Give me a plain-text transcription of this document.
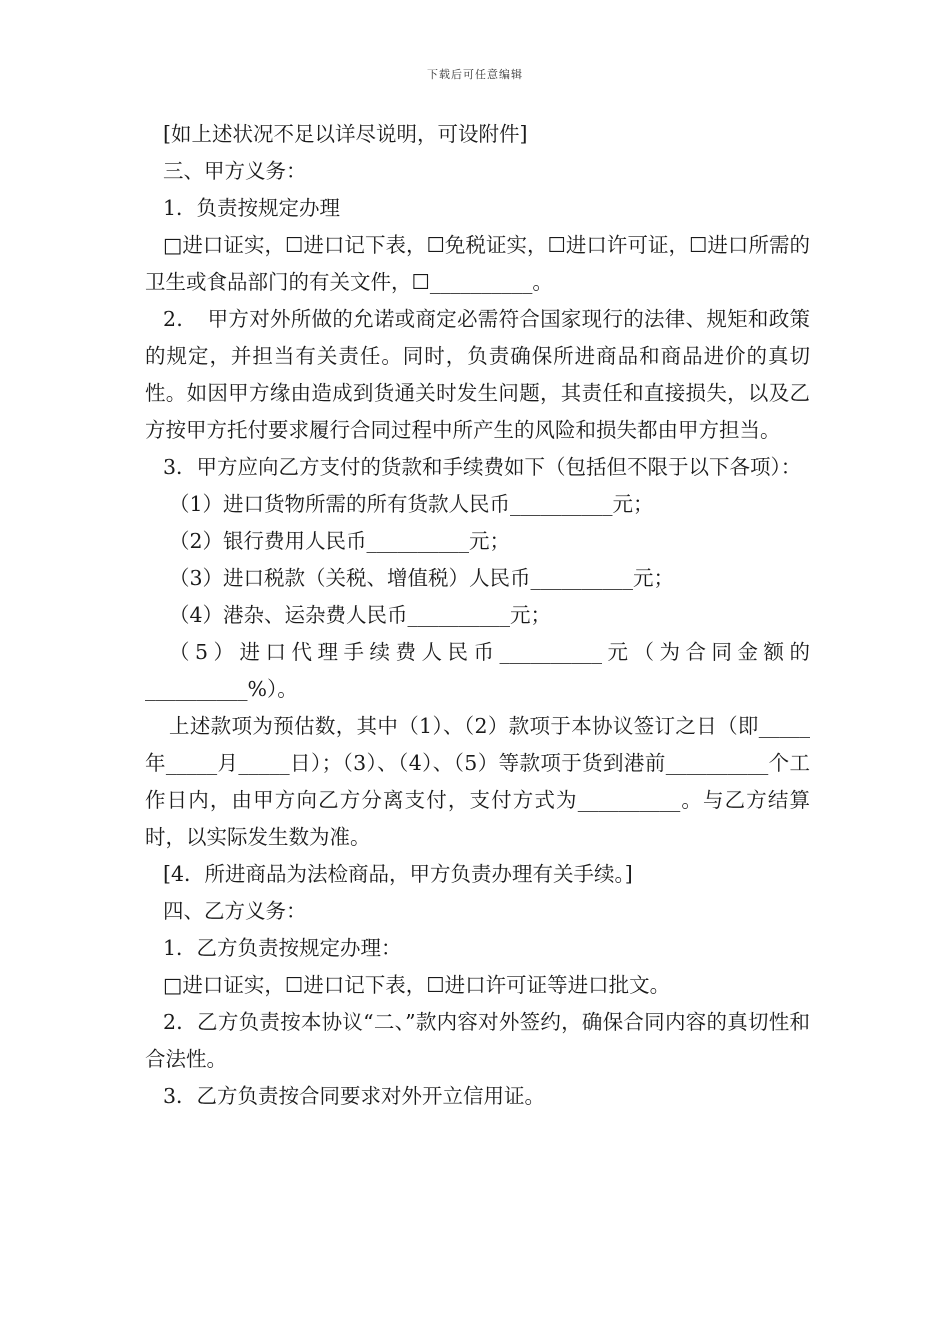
下载后可任意编辑

[如上述状况不足以详尽说明，可设附件]

三、甲方义务：

1．负责按规定办理

□进口证实，☐进口记下表，☐免税证实，☐进口许可证，☐进口所需的卫生或食品部门的有关文件，☐__________。

2．　甲方对外所做的允诺或商定必需符合国家现行的法律、规矩和政策的规定，并担当有关责任。同时，负责确保所进商品和商品进价的真切性。如因甲方缘由造成到货通关时发生问题，其责任和直接损失，以及乙方按甲方托付要求履行合同过程中所产生的风险和损失都由甲方担当。

3．甲方应向乙方支付的货款和手续费如下（包括但不限于以下各项）：

（1）进口货物所需的所有货款人民币__________元；

（2）银行费用人民币__________元；

（3）进口税款（关税、增值税）人民币__________元；

（4）港杂、运杂费人民币__________元；

（5）进口代理手续费人民币__________元（为合同金额的__________%）。

上述款项为预估数，其中（1）、（2）款项于本协议签订之日（即_____年_____月_____日）；（3）、（4）、（5）等款项于货到港前__________个工作日内，由甲方向乙方分离支付，支付方式为__________。与乙方结算时，以实际发生数为准。

[4．所进商品为法检商品，甲方负责办理有关手续。]

四、乙方义务：

1．乙方负责按规定办理：

□进口证实，☐进口记下表，☐进口许可证等进口批文。

2．乙方负责按本协议“二、”款内容对外签约，确保合同内容的真切性和合法性。

3．乙方负责按合同要求对外开立信用证。
